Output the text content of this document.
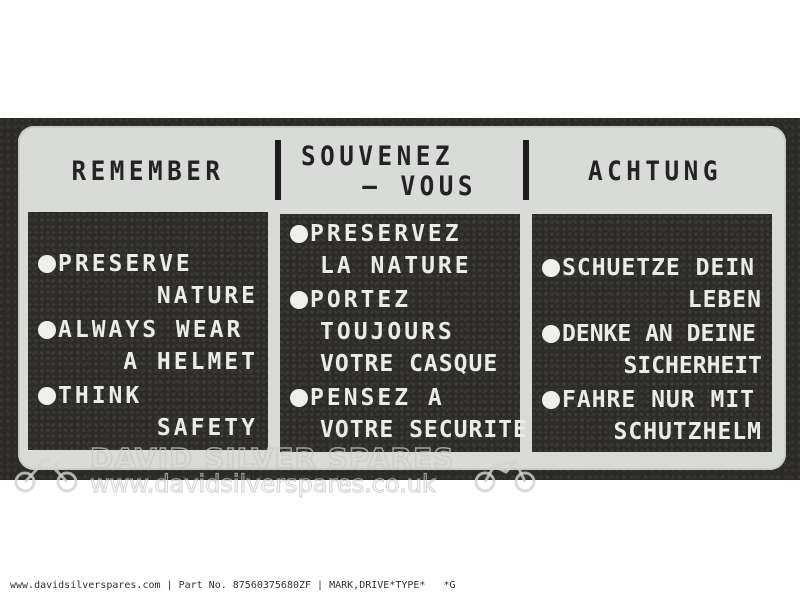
REMEMBER	SOUVENEZ
– VOUS	ACHTUNG
PRESERVE
NATURE
ALWAYS WEAR
A HELMET
THINK
SAFETY
PRESERVEZ
LA NATURE
PORTEZ
TOUJOURS
VOTRE CASQUE
PENSEZ A
VOTRE SECURITE
SCHUETZE DEIN
LEBEN
DENKE AN DEINE
SICHERHEIT
FAHRE NUR MIT
SCHUTZHELM
DAVID SILVER SPARES
www.davidsilverspares.co.uk
www.davidsilverspares.com | Part No. 87560375680ZF | MARK,DRIVE*TYPE* *G
